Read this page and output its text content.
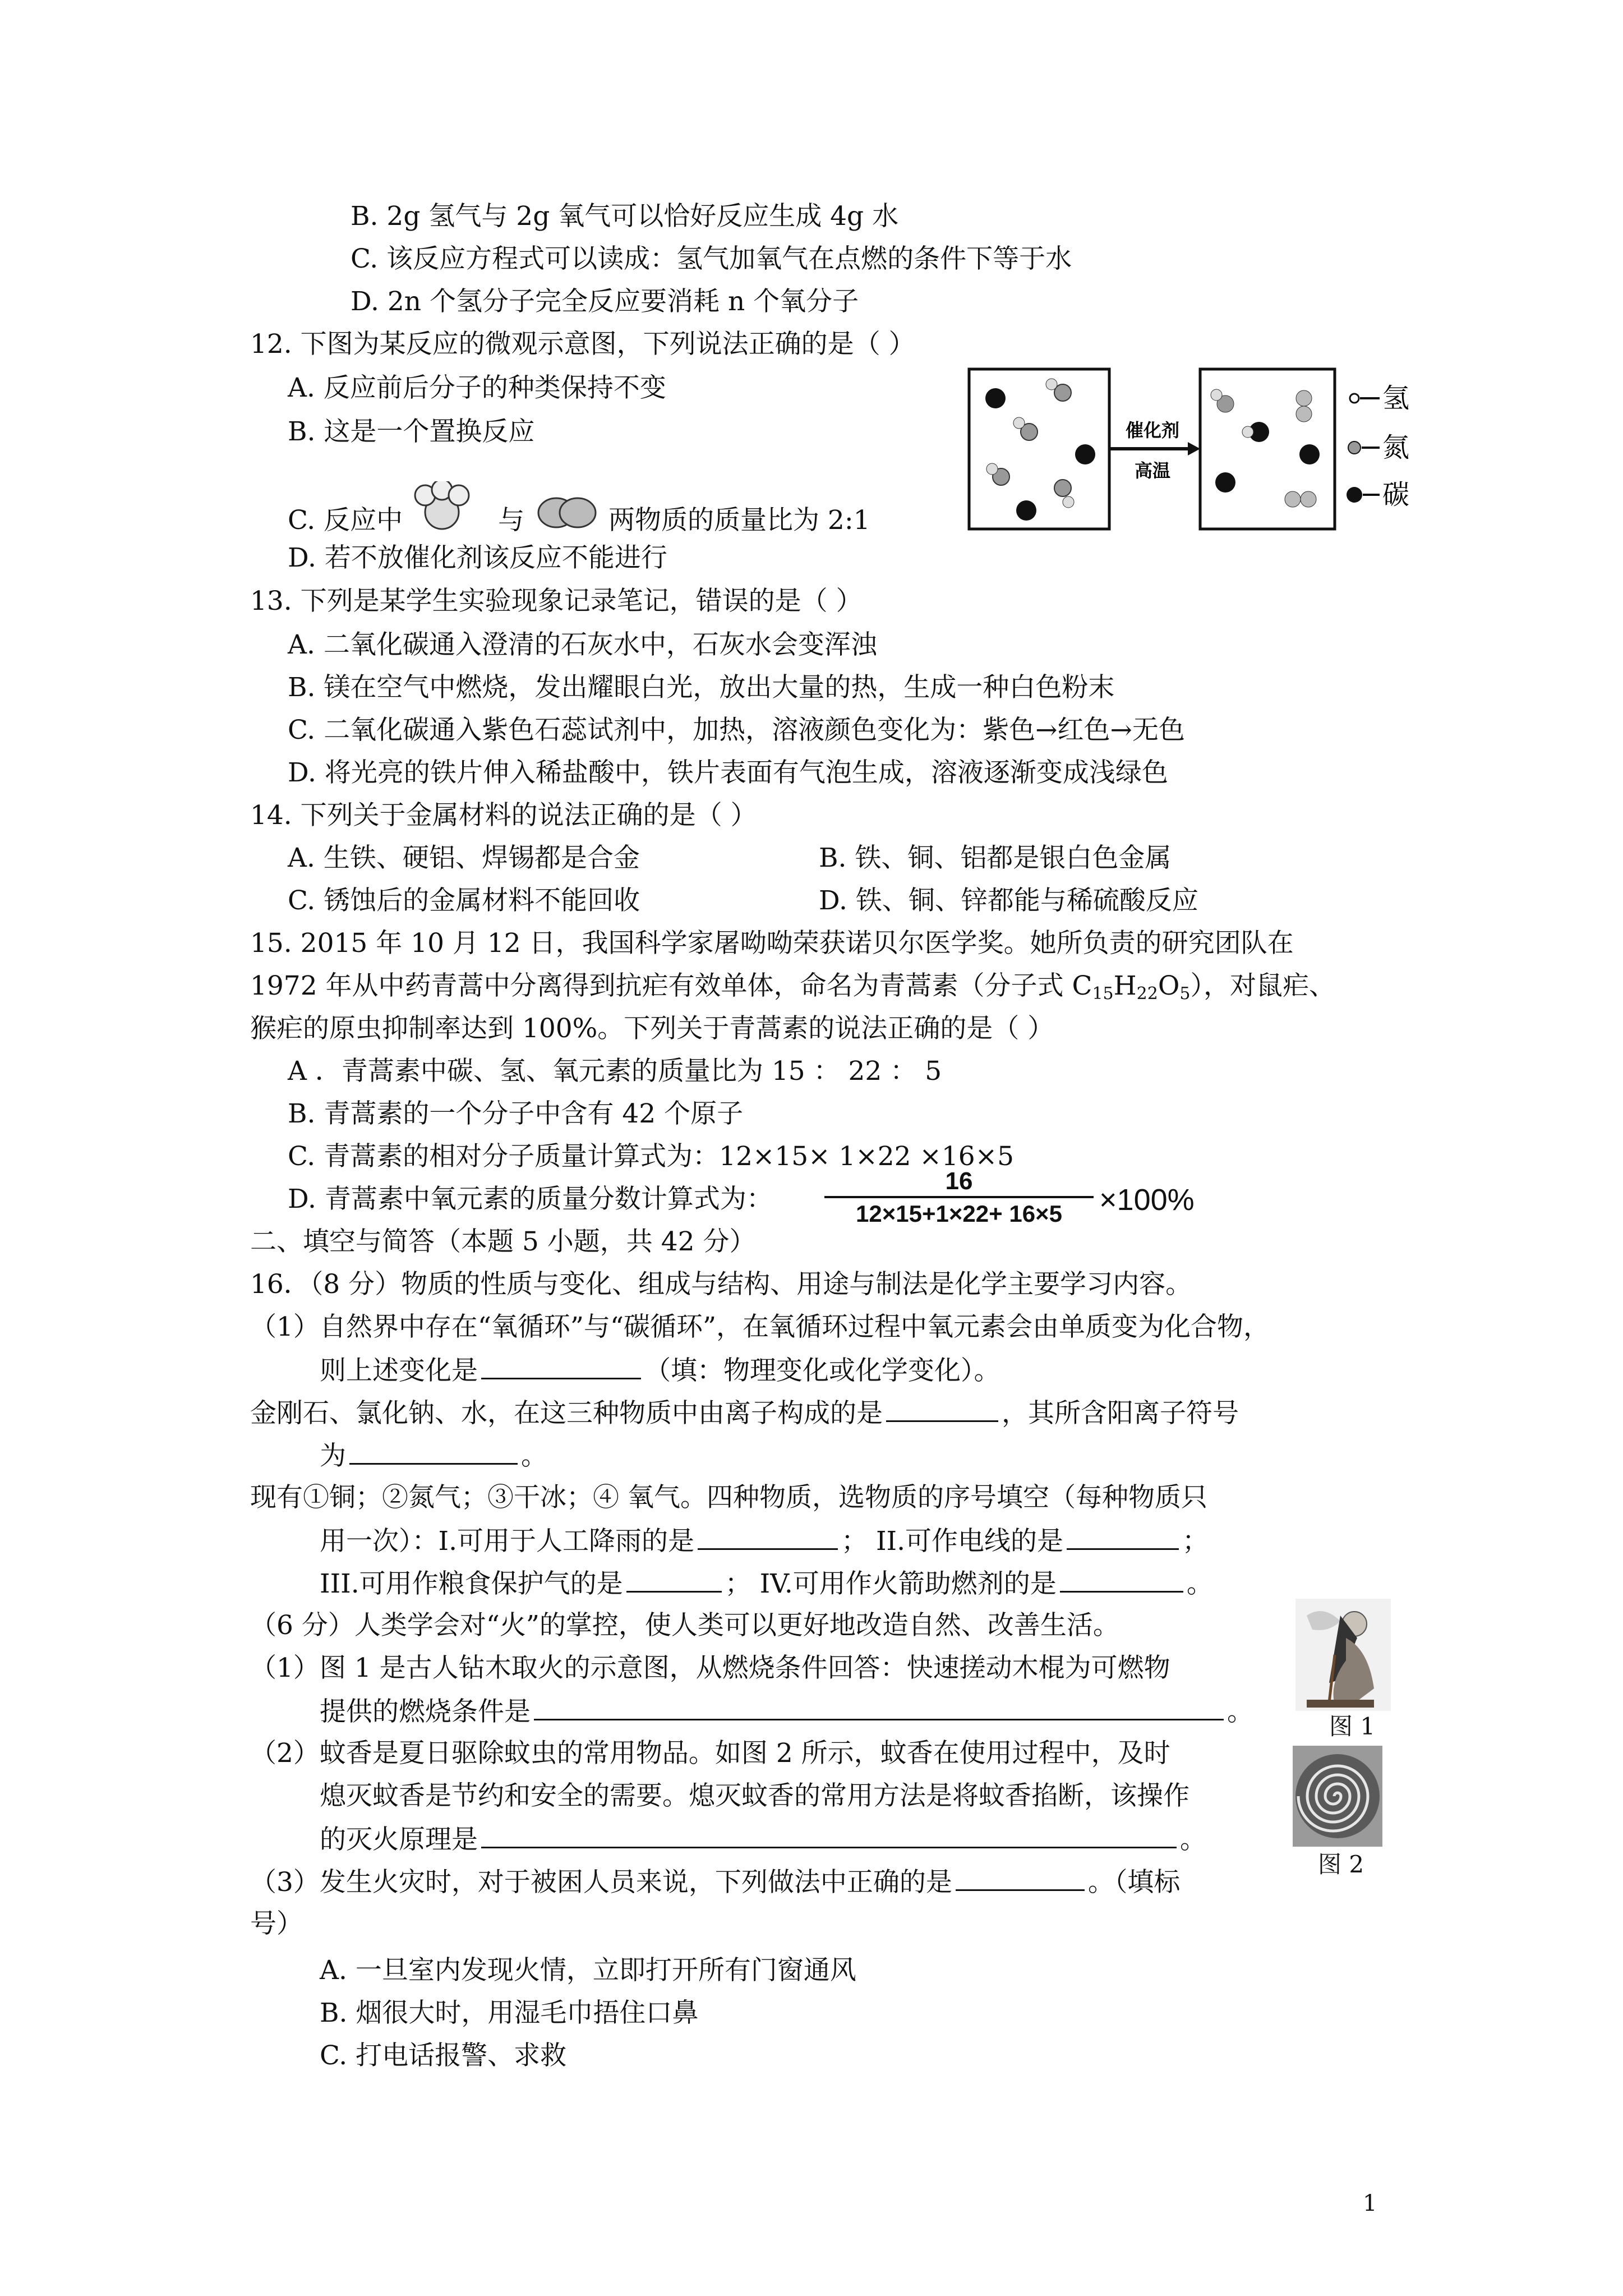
B. 2g 氢气与 2g 氧气可以恰好反应生成 4g 水
C. 该反应方程式可以读成：氢气加氧气在点燃的条件下等于水
D. 2n 个氢分子完全反应要消耗 n 个氧分子
12. 下图为某反应的微观示意图，下列说法正确的是（ ）
A. 反应前后分子的种类保持不变
B. 这是一个置换反应
C. 反应中	与	两物质的质量比为 2:1
D. 若不放催化剂该反应不能进行
催化剂
高温
氢
氮
碳
13. 下列是某学生实验现象记录笔记，错误的是（ ）
A. 二氧化碳通入澄清的石灰水中，石灰水会变浑浊
B. 镁在空气中燃烧，发出耀眼白光，放出大量的热，生成一种白色粉末
C. 二氧化碳通入紫色石蕊试剂中，加热，溶液颜色变化为：紫色→红色→无色
D. 将光亮的铁片伸入稀盐酸中，铁片表面有气泡生成，溶液逐渐变成浅绿色
14. 下列关于金属材料的说法正确的是（ ）
A. 生铁、硬铝、焊锡都是合金	B. 铁、铜、铝都是银白色金属
C. 锈蚀后的金属材料不能回收	D. 铁、铜、锌都能与稀硫酸反应
15. 2015 年 10 月 12 日，我国科学家屠呦呦荣获诺贝尔医学奖。她所负责的研究团队在
1972 年从中药青蒿中分离得到抗疟有效单体，命名为青蒿素（分子式 $C_{15}H_{22}O_5$），对鼠疟、
猴疟的原虫抑制率达到 100%。下列关于青蒿素的说法正确的是（ ）
A ．青蒿素中碳、氢、氧元素的质量比为 15 ： 22 ： 5
B. 青蒿素的一个分子中含有 42 个原子
C. 青蒿素的相对分子质量计算式为：12×15× 1×22 ×16×5
D. 青蒿素中氧元素的质量分数计算式为：
16
12×15+1×22+ 16×5	×100%
二、填空与简答（本题 5 小题，共 42 分）
16．（8 分）物质的性质与变化、组成与结构、用途与制法是化学主要学习内容。
（1）自然界中存在“氧循环”与“碳循环”，在氧循环过程中氧元素会由单质变为化合物，
则上述变化是	（填：物理变化或化学变化）。
金刚石、氯化钠、水，在这三种物质中由离子构成的是	，其所含阳离子符号
为	。
现有①铜；②氮气；③干冰；④ 氧气。四种物质，选物质的序号填空（每种物质只
用一次）：I.可用于人工降雨的是	； II.可作电线的是	；
III.可用作粮食保护气的是	； IV.可用作火箭助燃剂的是	。
（6 分）人类学会对“火”的掌控，使人类可以更好地改造自然、改善生活。
（1）图 1 是古人钻木取火的示意图，从燃烧条件回答：快速搓动木棍为可燃物
提供的燃烧条件是	。
（2）蚊香是夏日驱除蚊虫的常用物品。如图 2 所示，蚊香在使用过程中，及时
熄灭蚊香是节约和安全的需要。熄灭蚊香的常用方法是将蚊香掐断，该操作
的灭火原理是	。
（3）发生火灾时，对于被困人员来说，下列做法中正确的是	。（填标
号）
A. 一旦室内发现火情，立即打开所有门窗通风
B. 烟很大时，用湿毛巾捂住口鼻
C. 打电话报警、求救
图 1
图 2
1
